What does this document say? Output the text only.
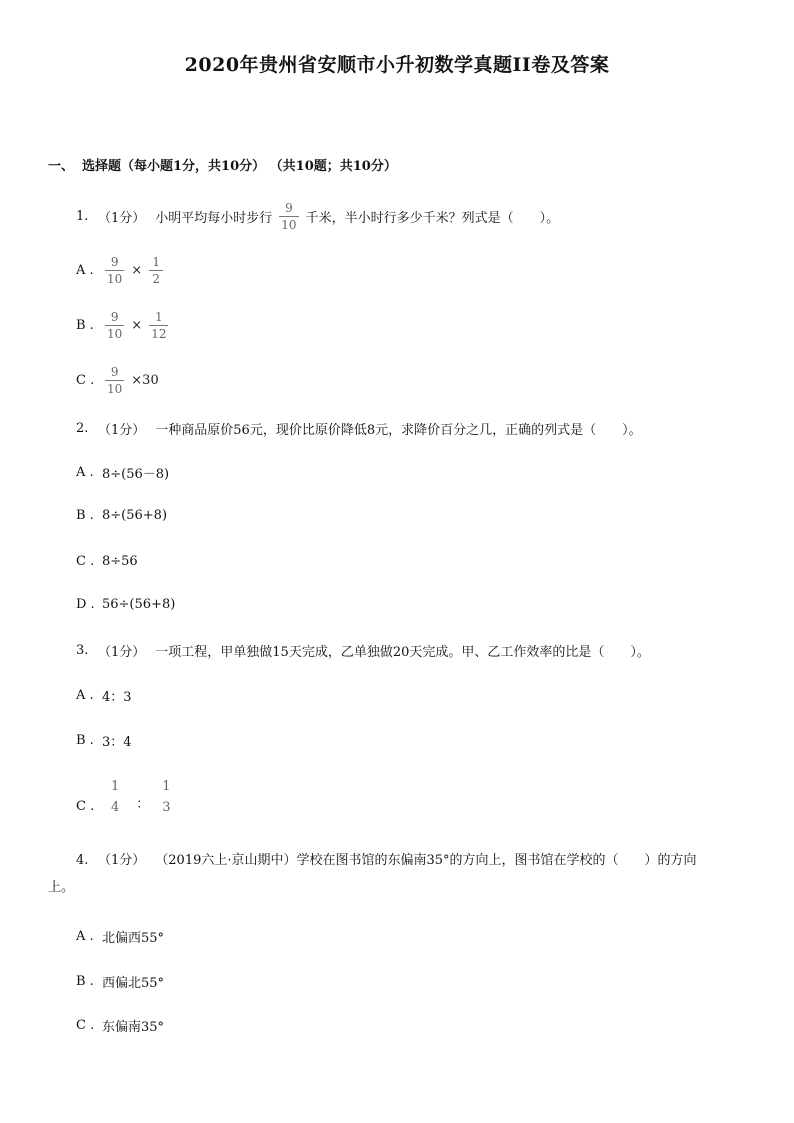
2020年贵州省安顺市小升初数学真题II卷及答案
一、 选择题（每小题1分，共10分） （共10题；共10分）
1. （1分） 小明平均每小时步行 $\frac{9}{10}$ 千米，半小时行多少千米？列式是（　　）。
A .	$\frac{9}{10} \times \frac{1}{2}$
B .	$\frac{9}{10} \times \frac{1}{12}$
C . $\frac{9}{10} \times 30$
2. （1分） 一种商品原价56元，现价比原价降低8元，求降价百分之几，正确的列式是（　　）。
A . 8÷(56－8)
B . 8÷(56+8)
C . 8÷56
D . 56÷(56+8)
3. （1分） 一项工程，甲单独做15天完成，乙单独做20天完成。甲、乙工作效率的比是（　　）。
A . 4：3
B . 3：4
C .
1
4 ：
1
3
4. （1分） （2019六上·京山期中）学校在图书馆的东偏南35°的方向上，图书馆在学校的（　　）的方向
上。
A . 北偏西55°
B . 西偏北55°
C . 东偏南35°
